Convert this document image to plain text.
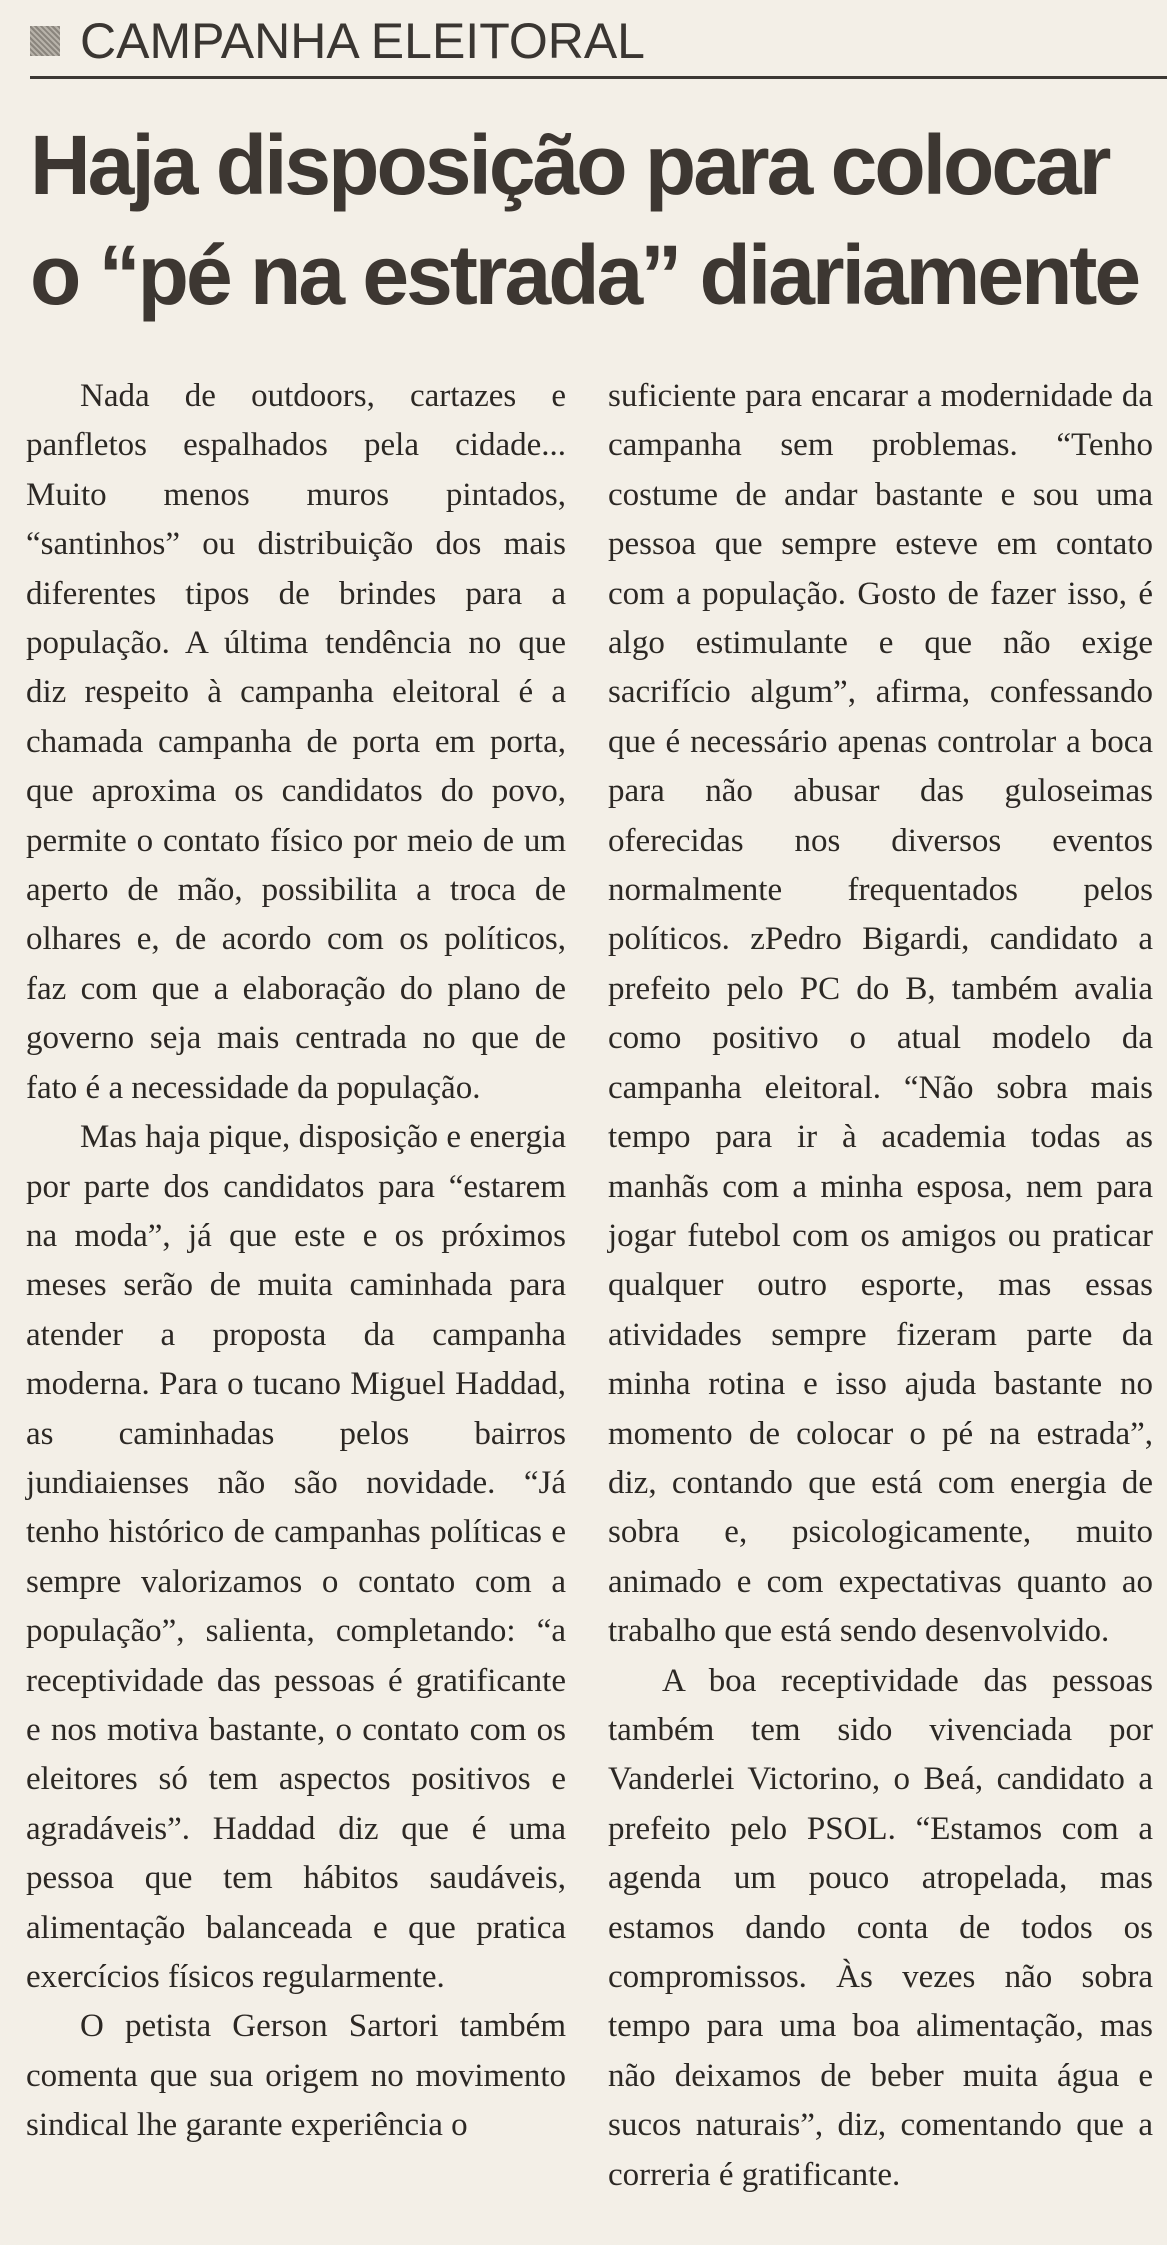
CAMPANHA ELEITORAL
Haja disposição para colocar
o “pé na estrada” diariamente

Nada de outdoors, cartazes e panfletos espalhados pela cidade... Muito menos muros pintados, “santinhos” ou distribuição dos mais diferentes tipos de brindes para a população. A última tendência no que diz respeito à campanha eleitoral é a chamada campanha de porta em porta, que aproxima os candidatos do povo, permite o contato físico por meio de um aperto de mão, possibilita a troca de olhares e, de acordo com os políticos, faz com que a elaboração do plano de governo seja mais centrada no que de fato é a necessidade da população.

Mas haja pique, disposição e energia por parte dos candidatos para “estarem na moda”, já que este e os próximos meses serão de muita caminhada para atender a proposta da campanha moderna. Para o tucano Miguel Haddad, as caminhadas pelos bairros jundiaienses não são novidade. “Já tenho histórico de campanhas políticas e sempre valorizamos o contato com a população”, salienta, completando: “a receptividade das pessoas é gratificante e nos motiva bastante, o contato com os eleitores só tem aspectos positivos e agradáveis”. Haddad diz que é uma pessoa que tem hábitos saudáveis, alimentação balanceada e que pratica exercícios físicos regularmente.

O petista Gerson Sartori também comenta que sua origem no movimento sindical lhe garante experiência o

suficiente para encarar a modernidade da campanha sem problemas. “Tenho costume de andar bastante e sou uma pessoa que sempre esteve em contato com a população. Gosto de fazer isso, é algo estimulante e que não exige sacrifício algum”, afirma, confessando que é necessário apenas controlar a boca para não abusar das guloseimas oferecidas nos diversos eventos normalmente frequentados pelos políticos. zPedro Bigardi, candidato a prefeito pelo PC do B, também avalia como positivo o atual modelo da campanha eleitoral. “Não sobra mais tempo para ir à academia todas as manhãs com a minha esposa, nem para jogar futebol com os amigos ou praticar qualquer outro esporte, mas essas atividades sempre fizeram parte da minha rotina e isso ajuda bastante no momento de colocar o pé na estrada”, diz, contando que está com energia de sobra e, psicologicamente, muito animado e com expectativas quanto ao trabalho que está sendo desenvolvido.

A boa receptividade das pessoas também tem sido vivenciada por Vanderlei Victorino, o Beá, candidato a prefeito pelo PSOL. “Estamos com a agenda um pouco atropelada, mas estamos dando conta de todos os compromissos. Às vezes não sobra tempo para uma boa alimentação, mas não deixamos de beber muita água e sucos naturais”, diz, comentando que a correria é gratificante.
